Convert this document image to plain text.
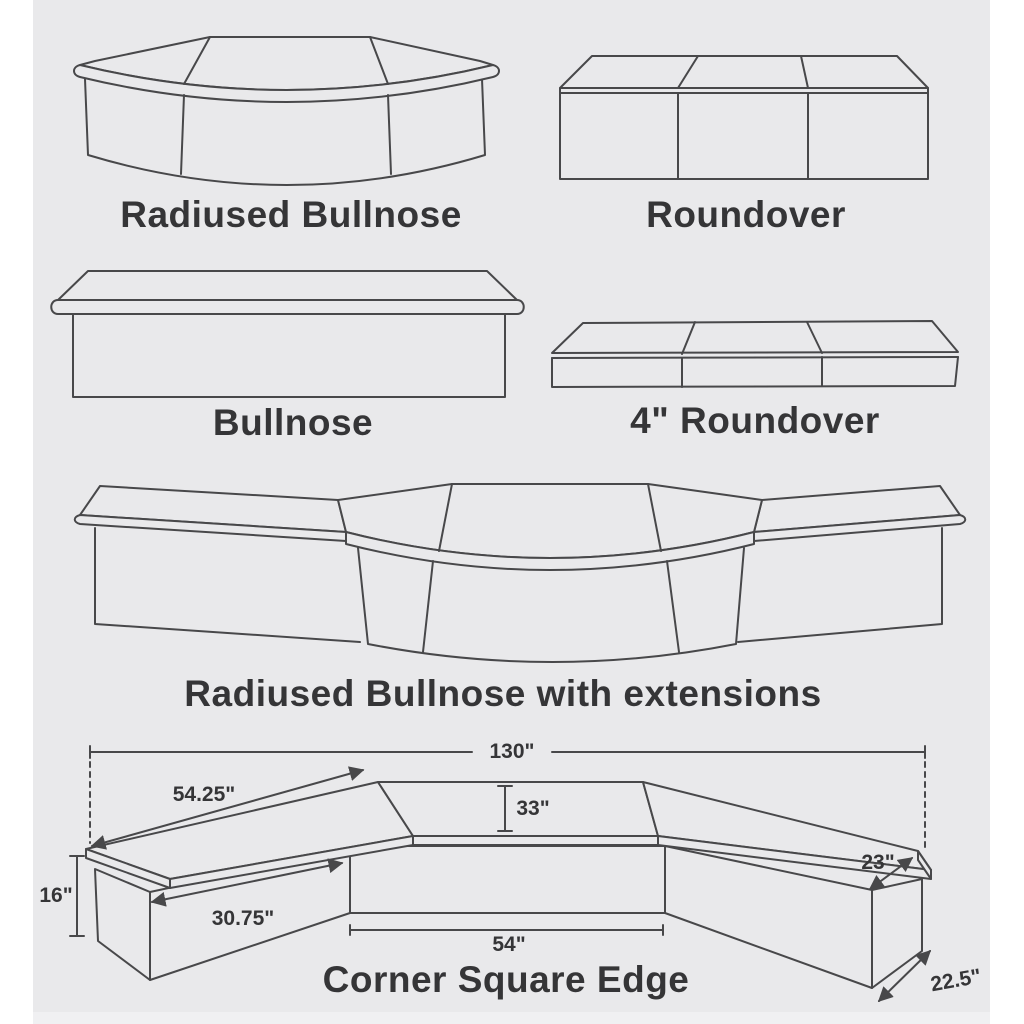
Radiused Bullnose	Roundover
Bullnose	4" Roundover
Radiused Bullnose with extensions
Corner Square Edge
130"
54.25"
33"
23"
16"
30.75"
54"
22.5"
